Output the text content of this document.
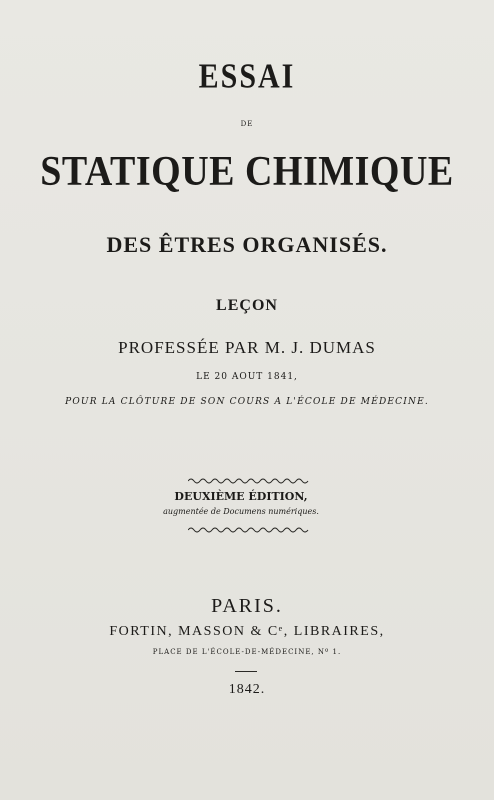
ESSAI
DE
STATIQUE CHIMIQUE
DES ÊTRES ORGANISÉS.
LEÇON
PROFESSÉE PAR M. J. DUMAS
LE 20 AOUT 1841,
POUR LA CLÔTURE DE SON COURS A L'ÉCOLE DE MÉDECINE.
DEUXIÈME ÉDITION,
augmentée de Documens numériques.
PARIS.
FORTIN, MASSON & Cᵉ, LIBRAIRES,
PLACE DE L'ÉCOLE-DE-MÉDECINE, Nº 1.
1842.
